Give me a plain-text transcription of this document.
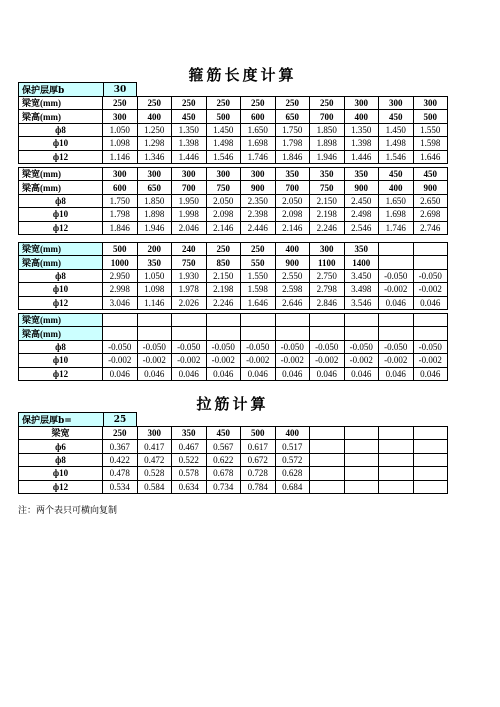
箍筋长度计算
保护层厚b	30
梁宽(mm)	250	250	250	250	250	250	250	300	300	300
梁高(mm)	300	400	450	500	600	650	700	400	450	500
ф8	1.050	1.250	1.350	1.450	1.650	1.750	1.850	1.350	1.450	1.550
ф10	1.098	1.298	1.398	1.498	1.698	1.798	1.898	1.398	1.498	1.598
ф12	1.146	1.346	1.446	1.546	1.746	1.846	1.946	1.446	1.546	1.646
梁宽(mm)	300	300	300	300	300	350	350	350	450	450
梁高(mm)	600	650	700	750	900	700	750	900	400	900
ф8	1.750	1.850	1.950	2.050	2.350	2.050	2.150	2.450	1.650	2.650
ф10	1.798	1.898	1.998	2.098	2.398	2.098	2.198	2.498	1.698	2.698
ф12	1.846	1.946	2.046	2.146	2.446	2.146	2.246	2.546	1.746	2.746
梁宽(mm)	500	200	240	250	250	400	300	350		
梁高(mm)	1000	350	750	850	550	900	1100	1400		
ф8	2.950	1.050	1.930	2.150	1.550	2.550	2.750	3.450	-0.050	-0.050
ф10	2.998	1.098	1.978	2.198	1.598	2.598	2.798	3.498	-0.002	-0.002
ф12	3.046	1.146	2.026	2.246	1.646	2.646	2.846	3.546	0.046	0.046
梁宽(mm)										
梁高(mm)										
ф8	-0.050	-0.050	-0.050	-0.050	-0.050	-0.050	-0.050	-0.050	-0.050	-0.050
ф10	-0.002	-0.002	-0.002	-0.002	-0.002	-0.002	-0.002	-0.002	-0.002	-0.002
ф12	0.046	0.046	0.046	0.046	0.046	0.046	0.046	0.046	0.046	0.046
拉筋计算
保护层厚b=	25
梁宽	250	300	350	450	500	400				
ф6	0.367	0.417	0.467	0.567	0.617	0.517				
ф8	0.422	0.472	0.522	0.622	0.672	0.572				
ф10	0.478	0.528	0.578	0.678	0.728	0.628				
ф12	0.534	0.584	0.634	0.734	0.784	0.684				
注：两个表只可横向复制
